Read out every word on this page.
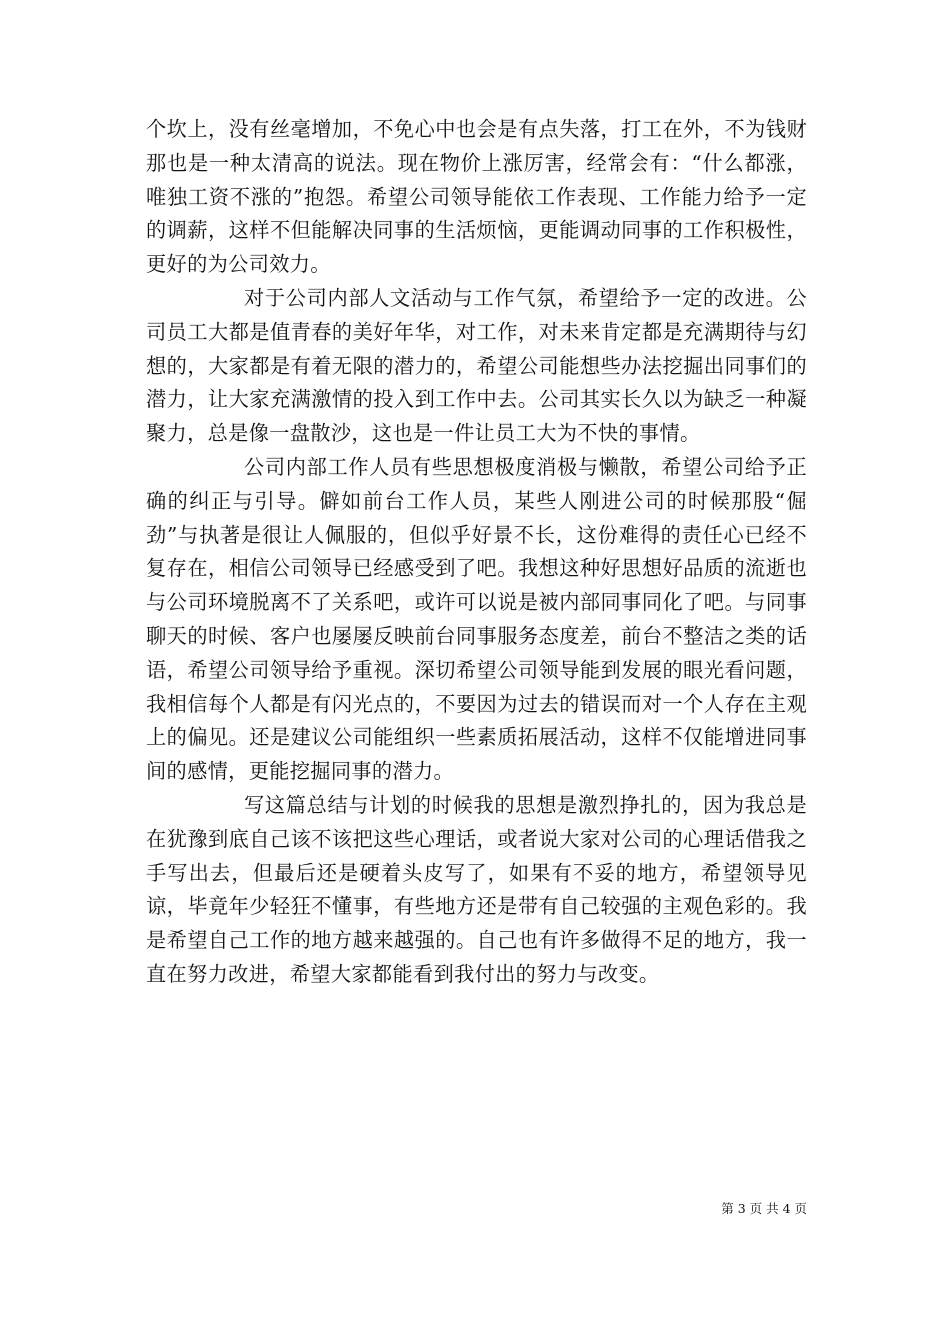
个坎上，没有丝毫增加，不免心中也会是有点失落，打工在外，不为钱财那也是一种太清高的说法。现在物价上涨厉害，经常会有：“什么都涨，唯独工资不涨的”抱怨。希望公司领导能依工作表现、工作能力给予一定的调薪，这样不但能解决同事的生活烦恼，更能调动同事的工作积极性，更好的为公司效力。

对于公司内部人文活动与工作气氛，希望给予一定的改进。公司员工大都是值青春的美好年华，对工作，对未来肯定都是充满期待与幻想的，大家都是有着无限的潜力的，希望公司能想些办法挖掘出同事们的潜力，让大家充满激情的投入到工作中去。公司其实长久以为缺乏一种凝聚力，总是像一盘散沙，这也是一件让员工大为不快的事情。

公司内部工作人员有些思想极度消极与懒散，希望公司给予正确的纠正与引导。僻如前台工作人员，某些人刚进公司的时候那股“倔劲”与执著是很让人佩服的，但似乎好景不长，这份难得的责任心已经不复存在，相信公司领导已经感受到了吧。我想这种好思想好品质的流逝也与公司环境脱离不了关系吧，或许可以说是被内部同事同化了吧。与同事聊天的时候、客户也屡屡反映前台同事服务态度差，前台不整洁之类的话语，希望公司领导给予重视。深切希望公司领导能到发展的眼光看问题，我相信每个人都是有闪光点的，不要因为过去的错误而对一个人存在主观上的偏见。还是建议公司能组织一些素质拓展活动，这样不仅能增进同事间的感情，更能挖掘同事的潜力。

写这篇总结与计划的时候我的思想是激烈挣扎的，因为我总是在犹豫到底自己该不该把这些心理话，或者说大家对公司的心理话借我之手写出去，但最后还是硬着头皮写了，如果有不妥的地方，希望领导见谅，毕竟年少轻狂不懂事，有些地方还是带有自己较强的主观色彩的。我是希望自己工作的地方越来越强的。自己也有许多做得不足的地方，我一直在努力改进，希望大家都能看到我付出的努力与改变。

第 3 页 共 4 页
